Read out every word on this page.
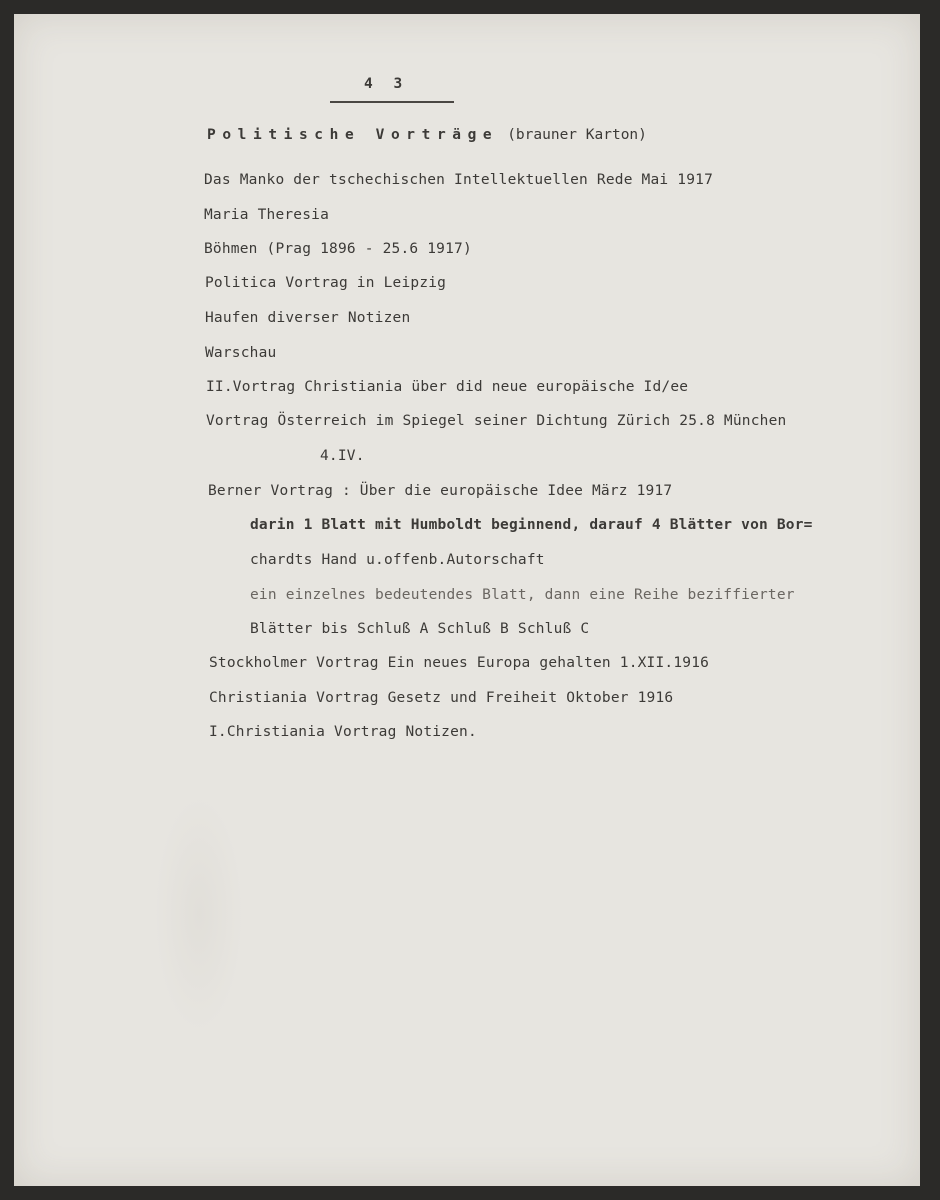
4 3
Politische Vorträge (brauner Karton)
Das Manko der tschechischen Intellektuellen Rede Mai 1917
Maria Theresia
Böhmen (Prag 1896 - 25.6 1917)
Politica Vortrag in Leipzig
Haufen diverser Notizen
Warschau
II.Vortrag Christiania über did neue europäische Id/ee
Vortrag Österreich im Spiegel seiner Dichtung Zürich 25.8 München
4.IV.
Berner Vortrag : Über die europäische Idee März 1917
darin 1 Blatt mit Humboldt beginnend, darauf 4 Blätter von Bor=
chardts Hand u.offenb.Autorschaft
ein einzelnes bedeutendes Blatt, dann eine Reihe beziffierter
Blätter bis Schluß A Schluß B Schluß C
Stockholmer Vortrag Ein neues Europa gehalten 1.XII.1916
Christiania Vortrag Gesetz und Freiheit Oktober 1916
I.Christiania Vortrag Notizen.
